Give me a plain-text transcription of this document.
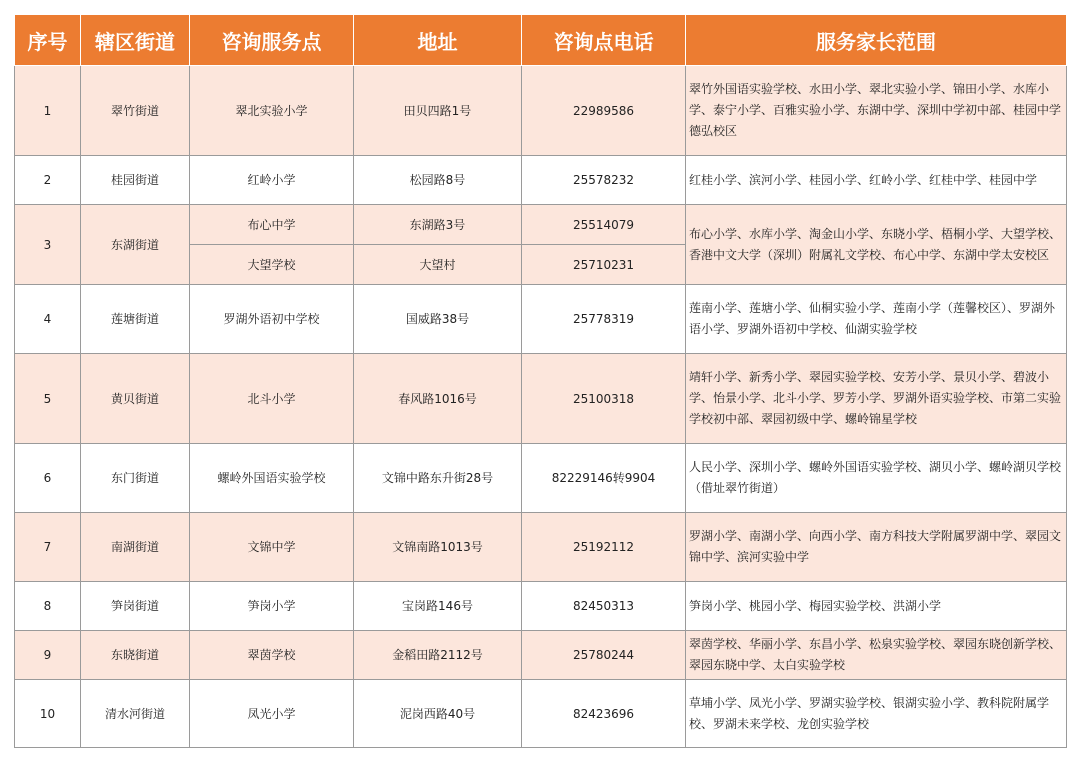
序号	辖区街道	咨询服务点	地址	咨询点电话	服务家长范围
1	翠竹街道	翠北实验小学	田贝四路1号	22989586	翠竹外国语实验学校、水田小学、翠北实验小学、锦田小学、水库小学、泰宁小学、百雅实验小学、东湖中学、深圳中学初中部、桂园中学德弘校区
2	桂园街道	红岭小学	松园路8号	25578232	红桂小学、滨河小学、桂园小学、红岭小学、红桂中学、桂园中学
3	东湖街道	布心中学	东湖路3号	25514079	布心小学、水库小学、淘金山小学、东晓小学、梧桐小学、大望学校、香港中文大学（深圳）附属礼文学校、布心中学、东湖中学太安校区
		大望学校	大望村	25710231	
4	莲塘街道	罗湖外语初中学校	国威路38号	25778319	莲南小学、莲塘小学、仙桐实验小学、莲南小学（莲馨校区）、罗湖外语小学、罗湖外语初中学校、仙湖实验学校
5	黄贝街道	北斗小学	春风路1016号	25100318	靖轩小学、新秀小学、翠园实验学校、安芳小学、景贝小学、碧波小学、怡景小学、北斗小学、罗芳小学、罗湖外语实验学校、市第二实验学校初中部、翠园初级中学、螺岭锦星学校
6	东门街道	螺岭外国语实验学校	文锦中路东升街28号	82229146转9904	人民小学、深圳小学、螺岭外国语实验学校、湖贝小学、螺岭湖贝学校（借址翠竹街道）
7	南湖街道	文锦中学	文锦南路1013号	25192112	罗湖小学、南湖小学、向西小学、南方科技大学附属罗湖中学、翠园文锦中学、滨河实验中学
8	笋岗街道	笋岗小学	宝岗路146号	82450313	笋岗小学、桃园小学、梅园实验学校、洪湖小学
9	东晓街道	翠茵学校	金稻田路2112号	25780244	翠茵学校、华丽小学、东昌小学、松泉实验学校、翠园东晓创新学校、翠园东晓中学、太白实验学校
10	清水河街道	凤光小学	泥岗西路40号	82423696	草埔小学、凤光小学、罗湖实验学校、银湖实验小学、教科院附属学校、罗湖未来学校、龙创实验学校
